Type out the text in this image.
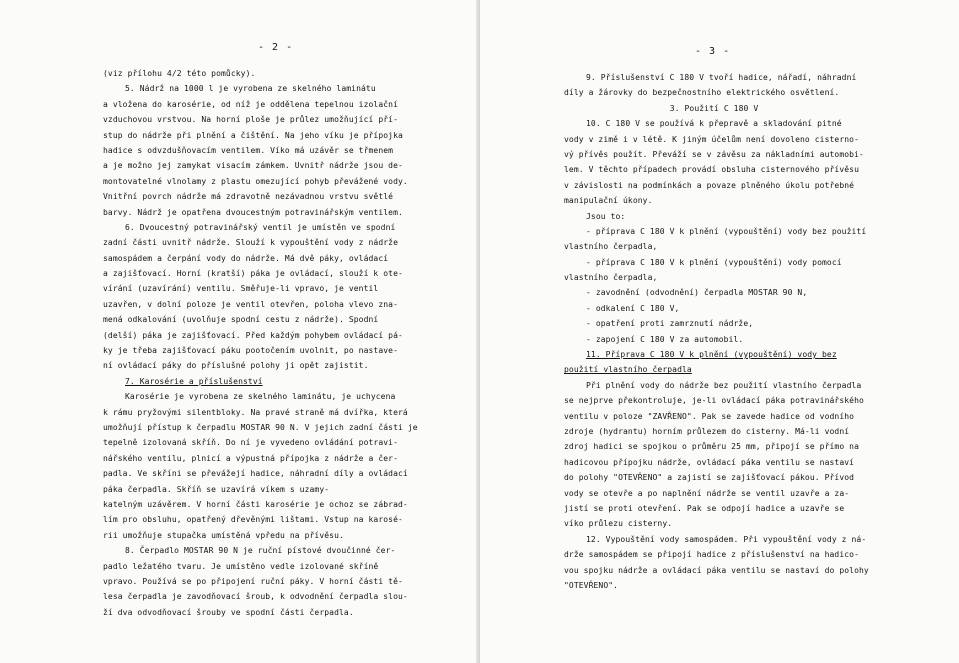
- 2 -
(viz přílohu 4/2 této pomůcky).
5. Nádrž na 1000 l je vyrobena ze skelného laminátu
a vložena do karosérie, od níž je oddělena tepelnou izolační
vzduchovou vrstvou. Na horní ploše je průlez umožňující pří-
stup do nádrže při plnění a čištění. Na jeho víku je přípojka
hadice s odvzdušňovacím ventilem. Víko má uzávěr se třmenem
a je možno jej zamykat visacím zámkem. Uvnitř nádrže jsou de-
montovatelné vlnolamy z plastu omezující pohyb převážené vody.
Vnitřní povrch nádrže má zdravotně nezávadnou vrstvu světlé
barvy. Nádrž je opatřena dvoucestným potravinářským ventilem.
6. Dvoucestný potravinářský ventil je umístěn ve spodní
zadní části uvnitř nádrže. Slouží k vypouštění vody z nádrže
samospádem a čerpání vody do nádrže. Má dvě páky, ovládací
a zajišťovací. Horní (kratší) páka je ovládací, slouží k ote-
vírání (uzavírání) ventilu. Směřuje-li vpravo, je ventil
uzavřen, v dolní poloze je ventil otevřen, poloha vlevo zna-
mená odkalování (uvolňuje spodní cestu z nádrže). Spodní
(delší) páka je zajišťovací. Před každým pohybem ovládací pá-
ky je třeba zajišťovací páku pootočením uvolnit, po nastave-
ní ovládací páky do příslušné polohy ji opět zajistit.
7. Karosérie a příslušenství
Karosérie je vyrobena ze skelného laminátu, je uchycena
k rámu pryžovými silentbloky. Na pravé straně má dvířka, která
umožňují přístup k čerpadlu MOSTAR 90 N. V jejich zadní části je
tepelně izolovaná skříň. Do ní je vyvedeno ovládání potravi-
nářského ventilu, plnicí a výpustná přípojka z nádrže a čer-
padla. Ve skříni se převážejí hadice, náhradní díly a ovládací
páka čerpadla. Skříň se uzavírá víkem s uzamy-
katelným uzávěrem. V horní části karosérie je ochoz se zábrad-
lím pro obsluhu, opatřený dřevěnými lištami. Vstup na karosé-
rii umožňuje stupačka umístěná vpředu na přívěsu.
8. Čerpadlo MOSTAR 90 N je ruční pístové dvoučinné čer-
padlo ležatého tvaru. Je umístěno vedle izolované skříně
vpravo. Používá se po připojení ruční páky. V horní části tě-
lesa čerpadla je zavodňovací šroub, k odvodnění čerpadla slou-
ží dva odvodňovací šrouby ve spodní části čerpadla.
- 3 -
9. Příslušenství C 180 V tvoří hadice, nářadí, náhradní
díly a žárovky do bezpečnostního elektrického osvětlení.
3. Použití C 180 V
10. C 180 V se používá k přepravě a skladování pitné
vody v zimě i v létě. K jiným účelům není dovoleno cisterno-
vý přívěs použít. Převáží se v závěsu za nákladními automobi-
lem. V těchto případech provádí obsluha cisternového přívěsu
v závislosti na podmínkách a povaze plněného úkolu potřebné
manipulační úkony.
Jsou to:
- příprava C 180 V k plnění (vypouštění) vody bez použití
vlastního čerpadla,
- příprava C 180 V k plnění (vypouštění) vody pomocí
vlastního čerpadla,
- zavodnění (odvodnění) čerpadla MOSTAR 90 N,
- odkalení C 180 V,
- opatření proti zamrznutí nádrže,
- zapojení C 180 V za automobil.
11. Příprava C 180 V k plnění (vypouštění) vody bez
použití vlastního čerpadla
Při plnění vody do nádrže bez použití vlastního čerpadla
se nejprve překontroluje, je-li ovládací páka potravinářského
ventilu v poloze "ZAVŘENO". Pak se zavede hadice od vodního
zdroje (hydrantu) horním průlezem do cisterny. Má-li vodní
zdroj hadici se spojkou o průměru 25 mm, připojí se přímo na
hadicovou přípojku nádrže, ovládací páka ventilu se nastaví
do polohy "OTEVŘENO" a zajistí se zajišťovací pákou. Přívod
vody se otevře a po naplnění nádrže se ventil uzavře a za-
jistí se proti otevření. Pak se odpojí hadice a uzavře se
víko průlezu cisterny.
12. Vypouštění vody samospádem. Při vypouštění vody z ná-
drže samospádem se připojí hadice z příslušenství na hadico-
vou spojku nádrže a ovládací páka ventilu se nastaví do polohy
"OTEVŘENO".
